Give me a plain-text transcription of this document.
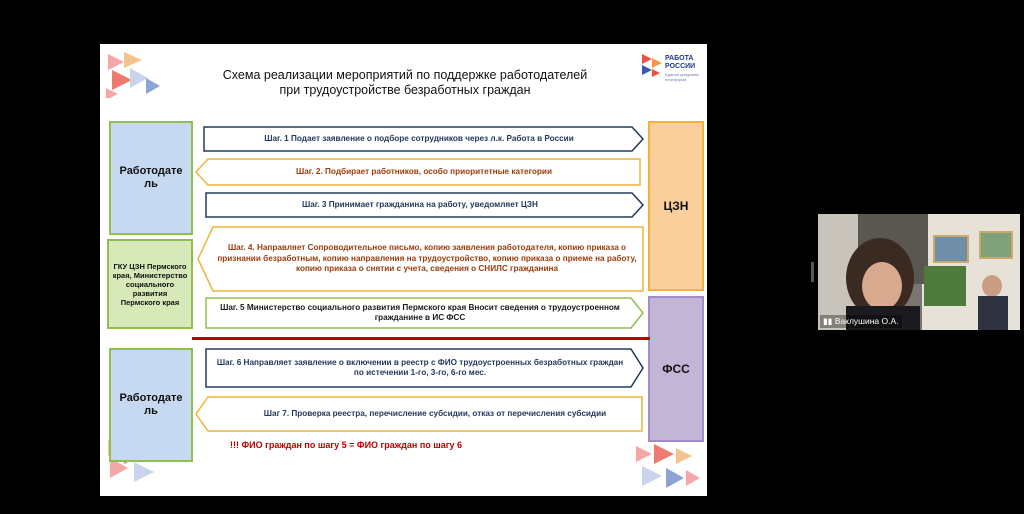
Схема реализации мероприятий по поддержке работодателей
при трудоустройстве безработных граждан
РАБОТА
РОССИИ
Единая цифровая платформа
Работодате ль
ГКУ ЦЗН Пермского края, Министерство социального развития Пермского края
Работодате ль
ЦЗН
ФСС
Шаг. 1 Подает заявление о подборе сотрудников через л.к. Работа в России
Шаг. 2. Подбирает работников, особо приоритетные категории
Шаг. 3 Принимает гражданина на работу, уведомляет ЦЗН
Шаг. 4. Направляет Сопроводительное письмо, копию заявления работодателя, копию приказа о признании безработным, копию направления на трудоустройство, копию приказа о приеме на работу, копию приказа о снятии с учета, сведения о СНИЛС гражданина
Шаг. 5 Министерство социального развития Пермского края Вносит сведения о трудоустроенном гражданине в ИС ФСС
Шаг. 6 Направляет заявление о включении в реестр с ФИО трудоустроенных безработных граждан по истечении 1-го, 3-го, 6-го мес.
Шаг 7. Проверка реестра, перечисление субсидии, отказ от перечисления субсидии
!!! ФИО граждан по шагу 5 = ФИО граждан по шагу 6
▮▮ Ваклушина О.А.
